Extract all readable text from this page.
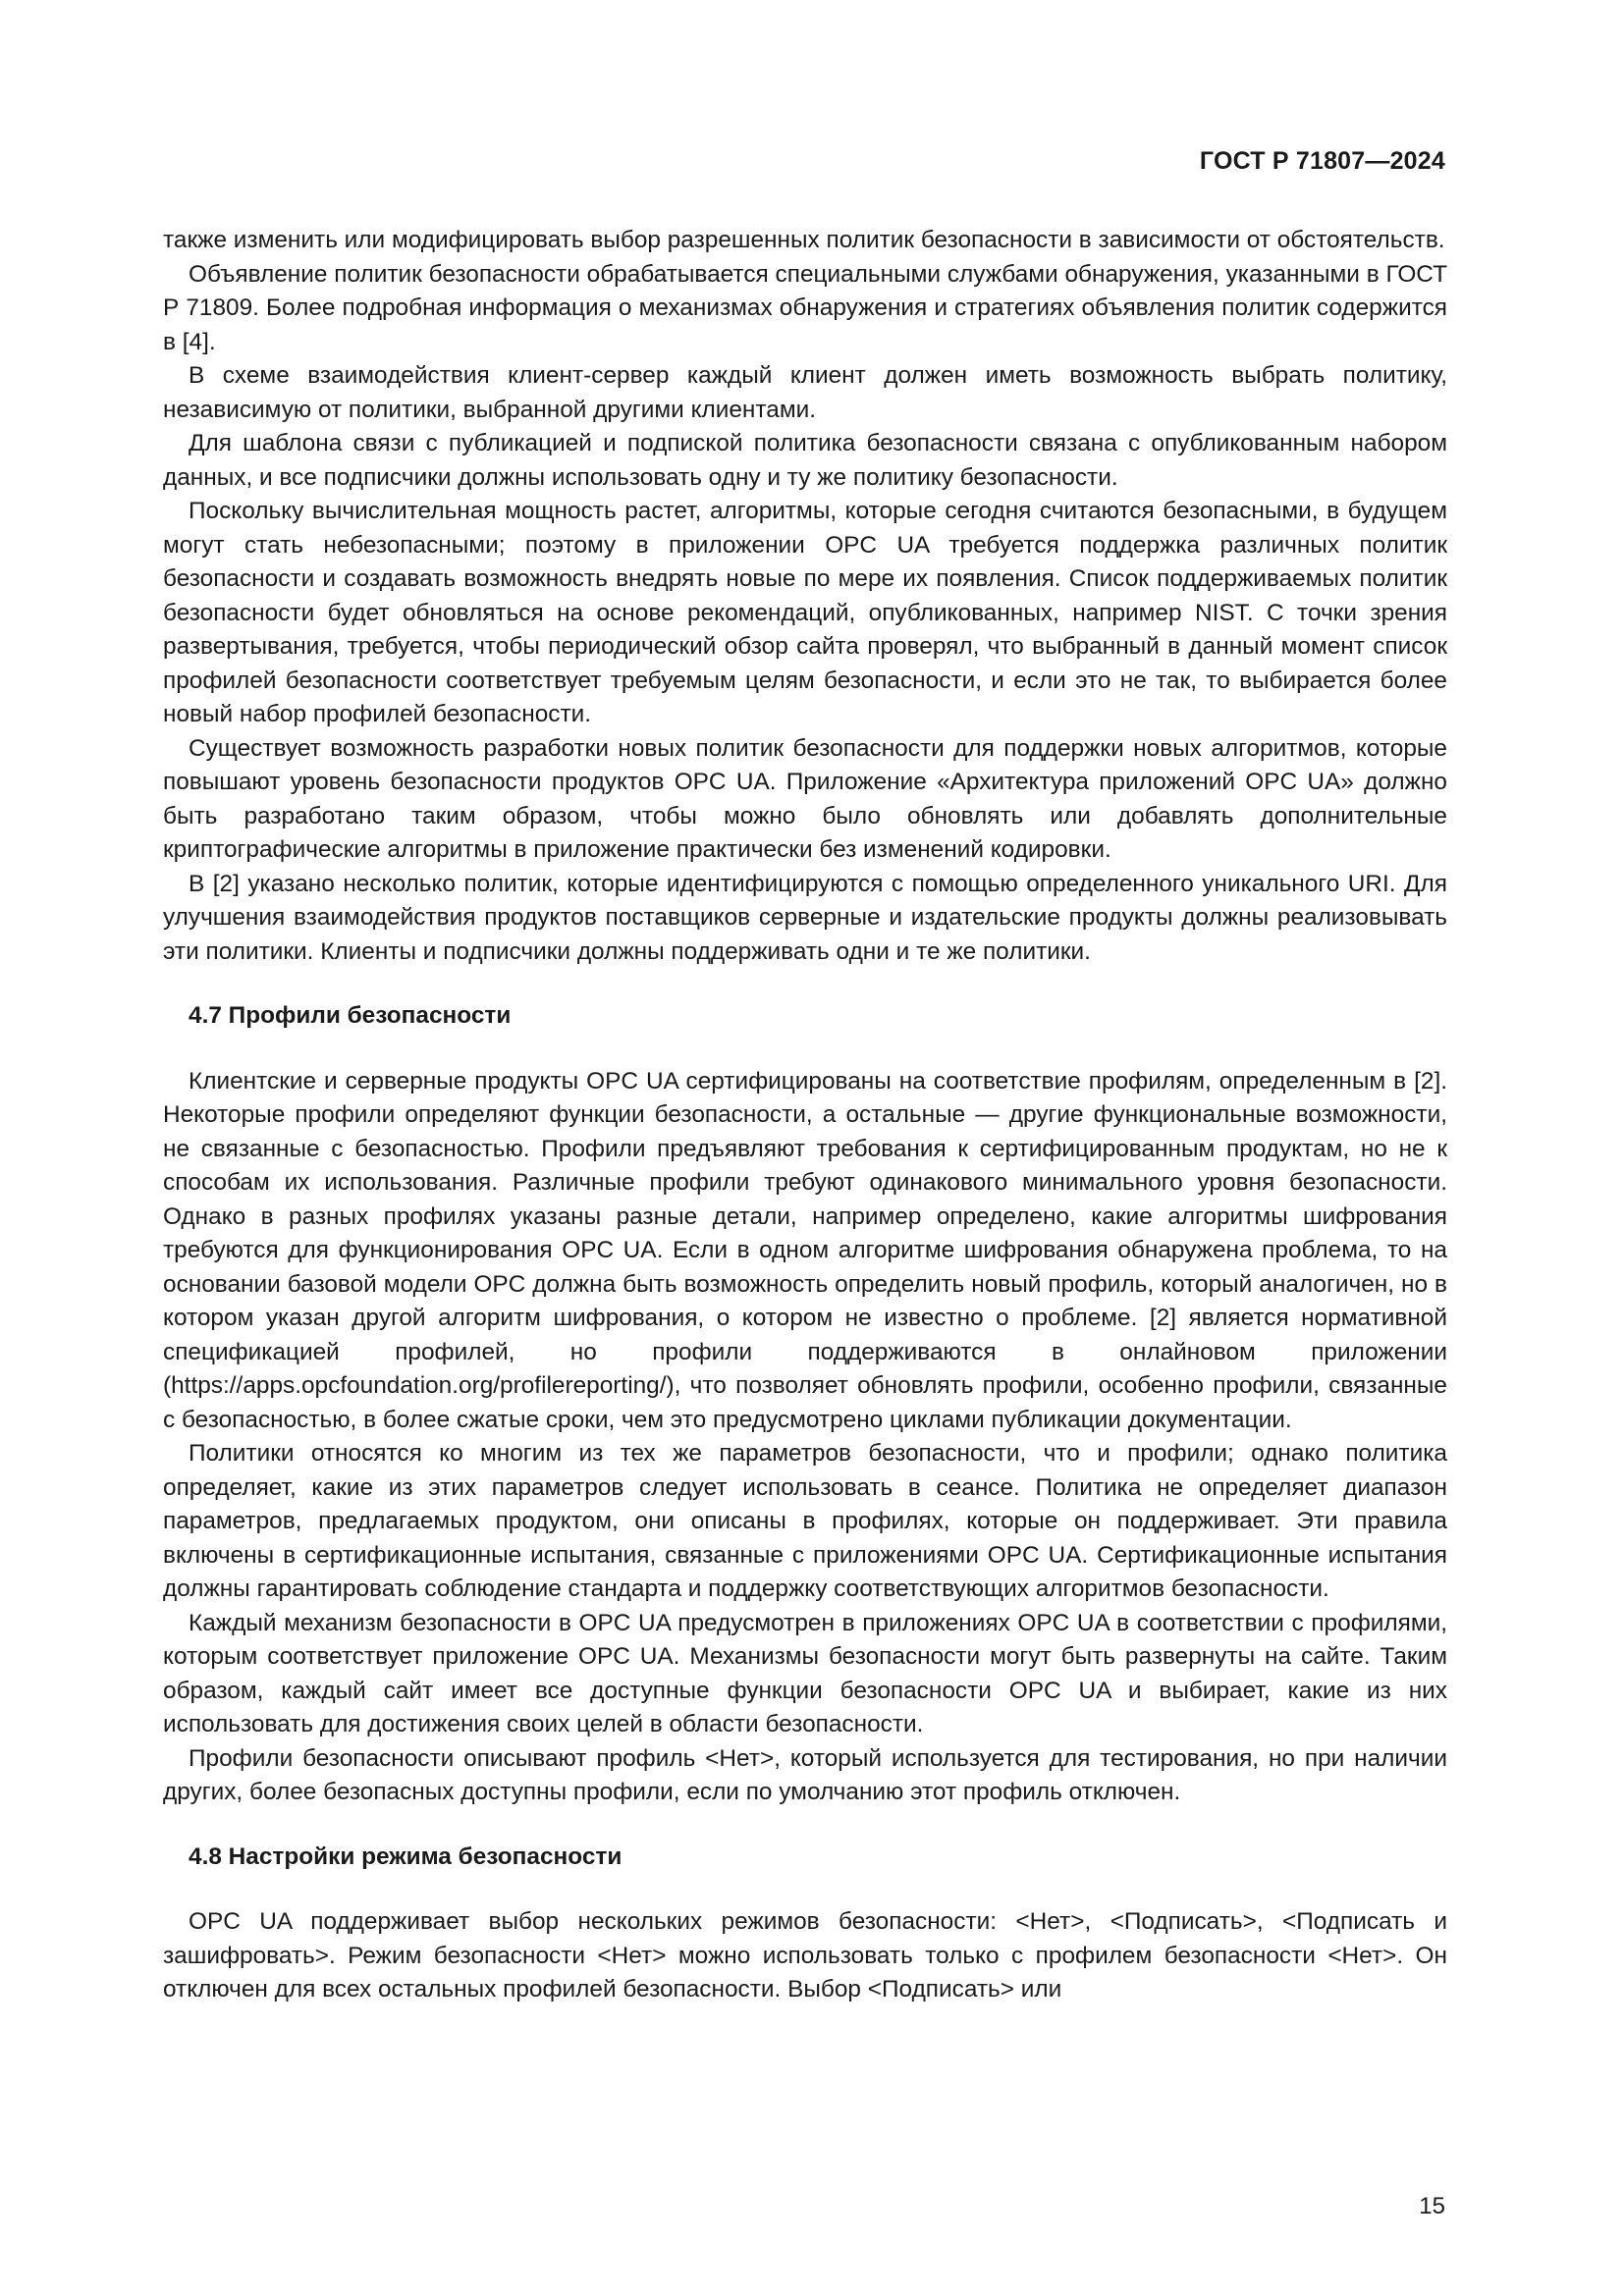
ГОСТ Р 71807—2024

также изменить или модифицировать выбор разрешенных политик безопасности в зависимости от обстоятельств.

Объявление политик безопасности обрабатывается специальными службами обнаружения, указанными в ГОСТ Р 71809. Более подробная информация о механизмах обнаружения и стратегиях объявления политик содержится в [4].

В схеме взаимодействия клиент-сервер каждый клиент должен иметь возможность выбрать политику, независимую от политики, выбранной другими клиентами.

Для шаблона связи с публикацией и подпиской политика безопасности связана с опубликованным набором данных, и все подписчики должны использовать одну и ту же политику безопасности.

Поскольку вычислительная мощность растет, алгоритмы, которые сегодня считаются безопасными, в будущем могут стать небезопасными; поэтому в приложении OPC UA требуется поддержка различных политик безопасности и создавать возможность внедрять новые по мере их появления. Список поддерживаемых политик безопасности будет обновляться на основе рекомендаций, опубликованных, например NIST. С точки зрения развертывания, требуется, чтобы периодический обзор сайта проверял, что выбранный в данный момент список профилей безопасности соответствует требуемым целям безопасности, и если это не так, то выбирается более новый набор профилей безопасности.

Существует возможность разработки новых политик безопасности для поддержки новых алгоритмов, которые повышают уровень безопасности продуктов OPC UA. Приложение «Архитектура приложений OPC UA» должно быть разработано таким образом, чтобы можно было обновлять или добавлять дополнительные криптографические алгоритмы в приложение практически без изменений кодировки.

В [2] указано несколько политик, которые идентифицируются с помощью определенного уникального URI. Для улучшения взаимодействия продуктов поставщиков серверные и издательские продукты должны реализовывать эти политики. Клиенты и подписчики должны поддерживать одни и те же политики.

4.7 Профили безопасности

Клиентские и серверные продукты OPC UA сертифицированы на соответствие профилям, определенным в [2]. Некоторые профили определяют функции безопасности, а остальные — другие функциональные возможности, не связанные с безопасностью. Профили предъявляют требования к сертифицированным продуктам, но не к способам их использования. Различные профили требуют одинакового минимального уровня безопасности. Однако в разных профилях указаны разные детали, например определено, какие алгоритмы шифрования требуются для функционирования OPC UA. Если в одном алгоритме шифрования обнаружена проблема, то на основании базовой модели OPC должна быть возможность определить новый профиль, который аналогичен, но в котором указан другой алгоритм шифрования, о котором не известно о проблеме. [2] является нормативной спецификацией профилей, но профили поддерживаются в онлайновом приложении (https://apps.opcfoundation.org/profilereporting/), что позволяет обновлять профили, особенно профили, связанные с безопасностью, в более сжатые сроки, чем это предусмотрено циклами публикации документации.

Политики относятся ко многим из тех же параметров безопасности, что и профили; однако политика определяет, какие из этих параметров следует использовать в сеансе. Политика не определяет диапазон параметров, предлагаемых продуктом, они описаны в профилях, которые он поддерживает. Эти правила включены в сертификационные испытания, связанные с приложениями OPC UA. Сертификационные испытания должны гарантировать соблюдение стандарта и поддержку соответствующих алгоритмов безопасности.

Каждый механизм безопасности в OPC UA предусмотрен в приложениях OPC UA в соответствии с профилями, которым соответствует приложение OPC UA. Механизмы безопасности могут быть развернуты на сайте. Таким образом, каждый сайт имеет все доступные функции безопасности OPC UA и выбирает, какие из них использовать для достижения своих целей в области безопасности.

Профили безопасности описывают профиль <Нет>, который используется для тестирования, но при наличии других, более безопасных доступны профили, если по умолчанию этот профиль отключен.

4.8 Настройки режима безопасности

OPC UA поддерживает выбор нескольких режимов безопасности: <Нет>, <Подписать>, <Подписать и зашифровать>. Режим безопасности <Нет> можно использовать только с профилем безопасности <Нет>. Он отключен для всех остальных профилей безопасности. Выбор <Подписать> или

15
